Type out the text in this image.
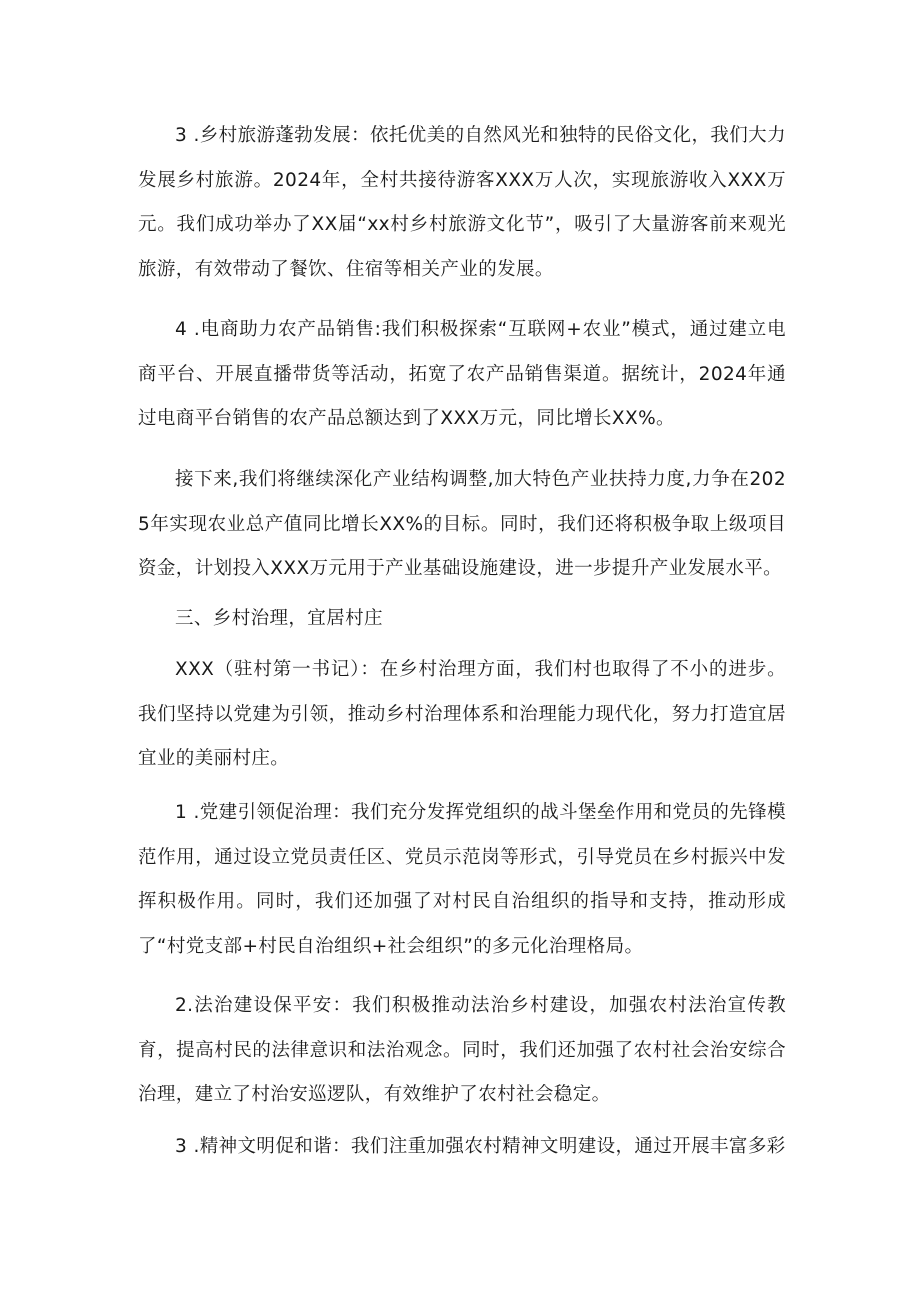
3 .乡村旅游蓬勃发展：依托优美的自然风光和独特的民俗文化，我们大力发展乡村旅游。2024年，全村共接待游客XXX万人次，实现旅游收入XXX万元。我们成功举办了XX届“xx村乡村旅游文化节”，吸引了大量游客前来观光旅游，有效带动了餐饮、住宿等相关产业的发展。

4 .电商助力农产品销售:我们积极探索“互联网+农业”模式，通过建立电商平台、开展直播带货等活动，拓宽了农产品销售渠道。据统计，2024年通过电商平台销售的农产品总额达到了XXX万元，同比增长XX%。

接下来,我们将继续深化产业结构调整,加大特色产业扶持力度,力争在2025年实现农业总产值同比增长XX%的目标。同时，我们还将积极争取上级项目资金，计划投入XXX万元用于产业基础设施建设，进一步提升产业发展水平。

三、乡村治理，宜居村庄

XXX（驻村第一书记）：在乡村治理方面，我们村也取得了不小的进步。我们坚持以党建为引领，推动乡村治理体系和治理能力现代化，努力打造宜居宜业的美丽村庄。

1 .党建引领促治理：我们充分发挥党组织的战斗堡垒作用和党员的先锋模范作用，通过设立党员责任区、党员示范岗等形式，引导党员在乡村振兴中发挥积极作用。同时，我们还加强了对村民自治组织的指导和支持，推动形成了“村党支部+村民自治组织+社会组织”的多元化治理格局。

2.法治建设保平安：我们积极推动法治乡村建设，加强农村法治宣传教育，提高村民的法律意识和法治观念。同时，我们还加强了农村社会治安综合治理，建立了村治安巡逻队，有效维护了农村社会稳定。

3 .精神文明促和谐：我们注重加强农村精神文明建设，通过开展丰富多彩
